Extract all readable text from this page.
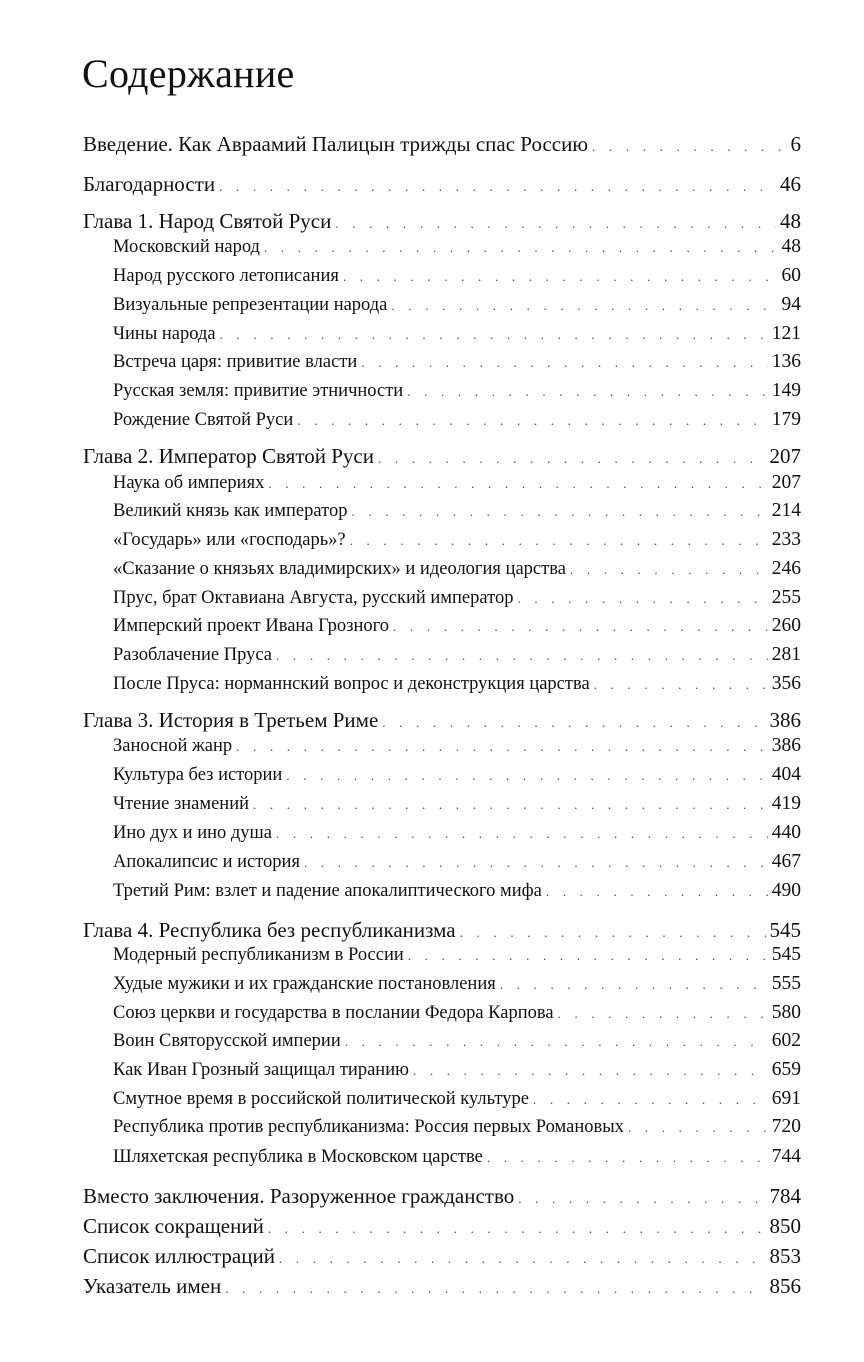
Содержание
Введение. Как Авраамий Палицын трижды спас Россию . . .	6
Благодарности . . .	46
Глава 1. Народ Святой Руси . . .	48
Московский народ . . .	48
Народ русского летописания . . .	60
Визуальные репрезентации народа . . .	94
Чины народа . . .	121
Встреча царя: привитие власти . . .	136
Русская земля: привитие этничности . . .	149
Рождение Святой Руси . . .	179
Глава 2. Император Святой Руси . . .	207
Наука об империях . . .	207
Великий князь как император . . .	214
«Государь» или «господарь»? . . .	233
«Сказание о князьях владимирских» и идеология царства . . .	246
Прус, брат Октавиана Августа, русский император . . .	255
Имперский проект Ивана Грозного . . .	260
Разоблачение Пруса . . .	281
После Пруса: норманнский вопрос и деконструкция царства . . .	356
Глава 3. История в Третьем Риме . . .	386
Заносной жанр . . .	386
Культура без истории . . .	404
Чтение знамений . . .	419
Ино дух и ино душа . . .	440
Апокалипсис и история . . .	467
Третий Рим: взлет и падение апокалиптического мифа . . .	490
Глава 4. Республика без республиканизма . . .	545
Модерный республиканизм в России . . .	545
Худые мужики и их гражданские постановления . . .	555
Союз церкви и государства в послании Федора Карпова . . .	580
Воин Святорусской империи . . .	602
Как Иван Грозный защищал тиранию . . .	659
Смутное время в российской политической культуре . . .	691
Республика против республиканизма: Россия первых Романовых . . .	720
Шляхетская республика в Московском царстве . . .	744
Вместо заключения. Разоруженное гражданство . . .	784
Список сокращений . . .	850
Список иллюстраций . . .	853
Указатель имен . . .	856
